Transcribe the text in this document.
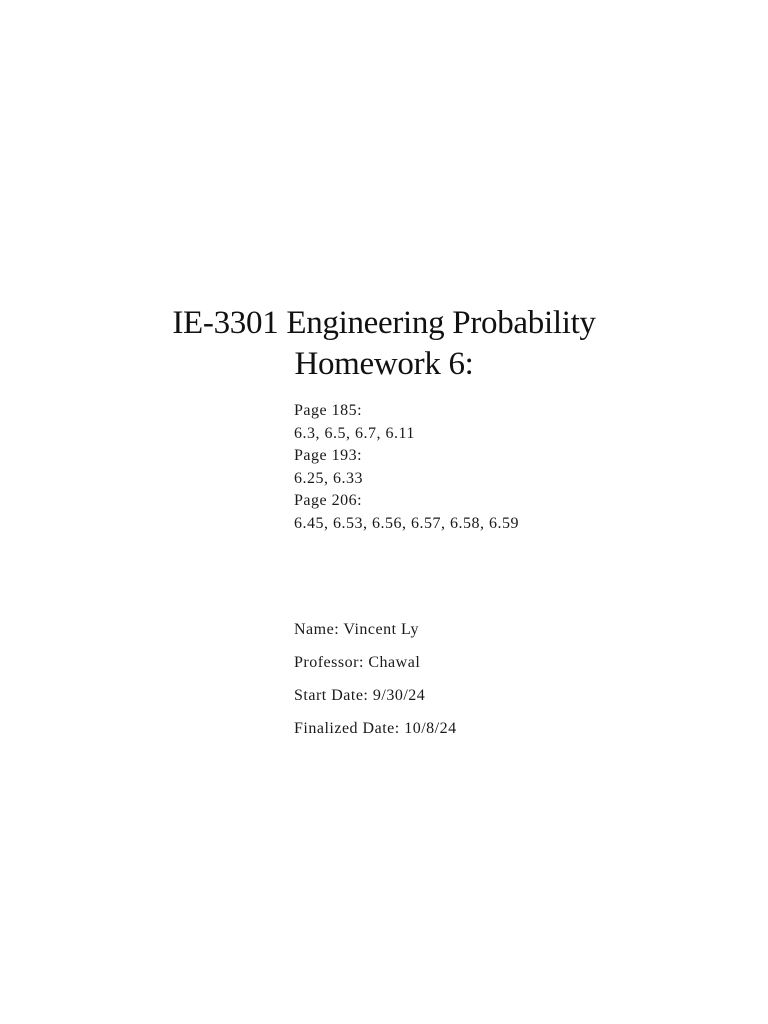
IE-3301 Engineering Probability

Homework 6:

Page 185:
6.3, 6.5, 6.7, 6.11
Page 193:
6.25, 6.33
Page 206:
6.45, 6.53, 6.56, 6.57, 6.58, 6.59
Name: Vincent Ly
Professor: Chawal
Start Date: 9/30/24
Finalized Date: 10/8/24
